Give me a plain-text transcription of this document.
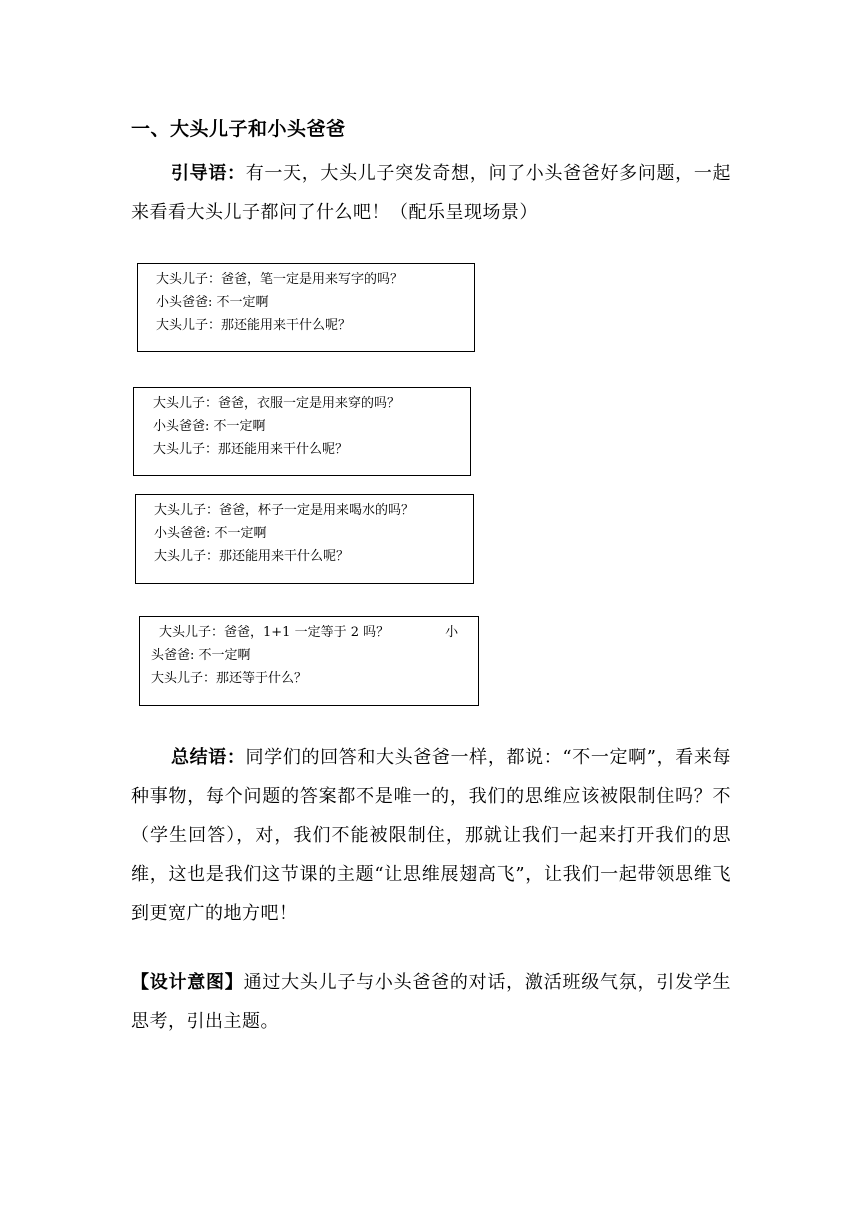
一、大头儿子和小头爸爸
引导语：有一天，大头儿子突发奇想，问了小头爸爸好多问题，一起来看看大头儿子都问了什么吧！（配乐呈现场景）
大头儿子：爸爸，笔一定是用来写字的吗？
小头爸爸: 不一定啊
大头儿子：那还能用来干什么呢？
大头儿子：爸爸，衣服一定是用来穿的吗？
小头爸爸: 不一定啊
大头儿子：那还能用来干什么呢？
大头儿子：爸爸，杯子一定是用来喝水的吗？
小头爸爸: 不一定啊
大头儿子：那还能用来干什么呢？
大头儿子：爸爸，1+1 一定等于 2 吗？	小
头爸爸: 不一定啊
大头儿子：那还等于什么？
总结语：同学们的回答和大头爸爸一样，都说：“不一定啊”，看来每种事物，每个问题的答案都不是唯一的，我们的思维应该被限制住吗？不（学生回答），对，我们不能被限制住，那就让我们一起来打开我们的思维，这也是我们这节课的主题“让思维展翅高飞”，让我们一起带领思维飞到更宽广的地方吧！
【设计意图】通过大头儿子与小头爸爸的对话，激活班级气氛，引发学生思考，引出主题。
